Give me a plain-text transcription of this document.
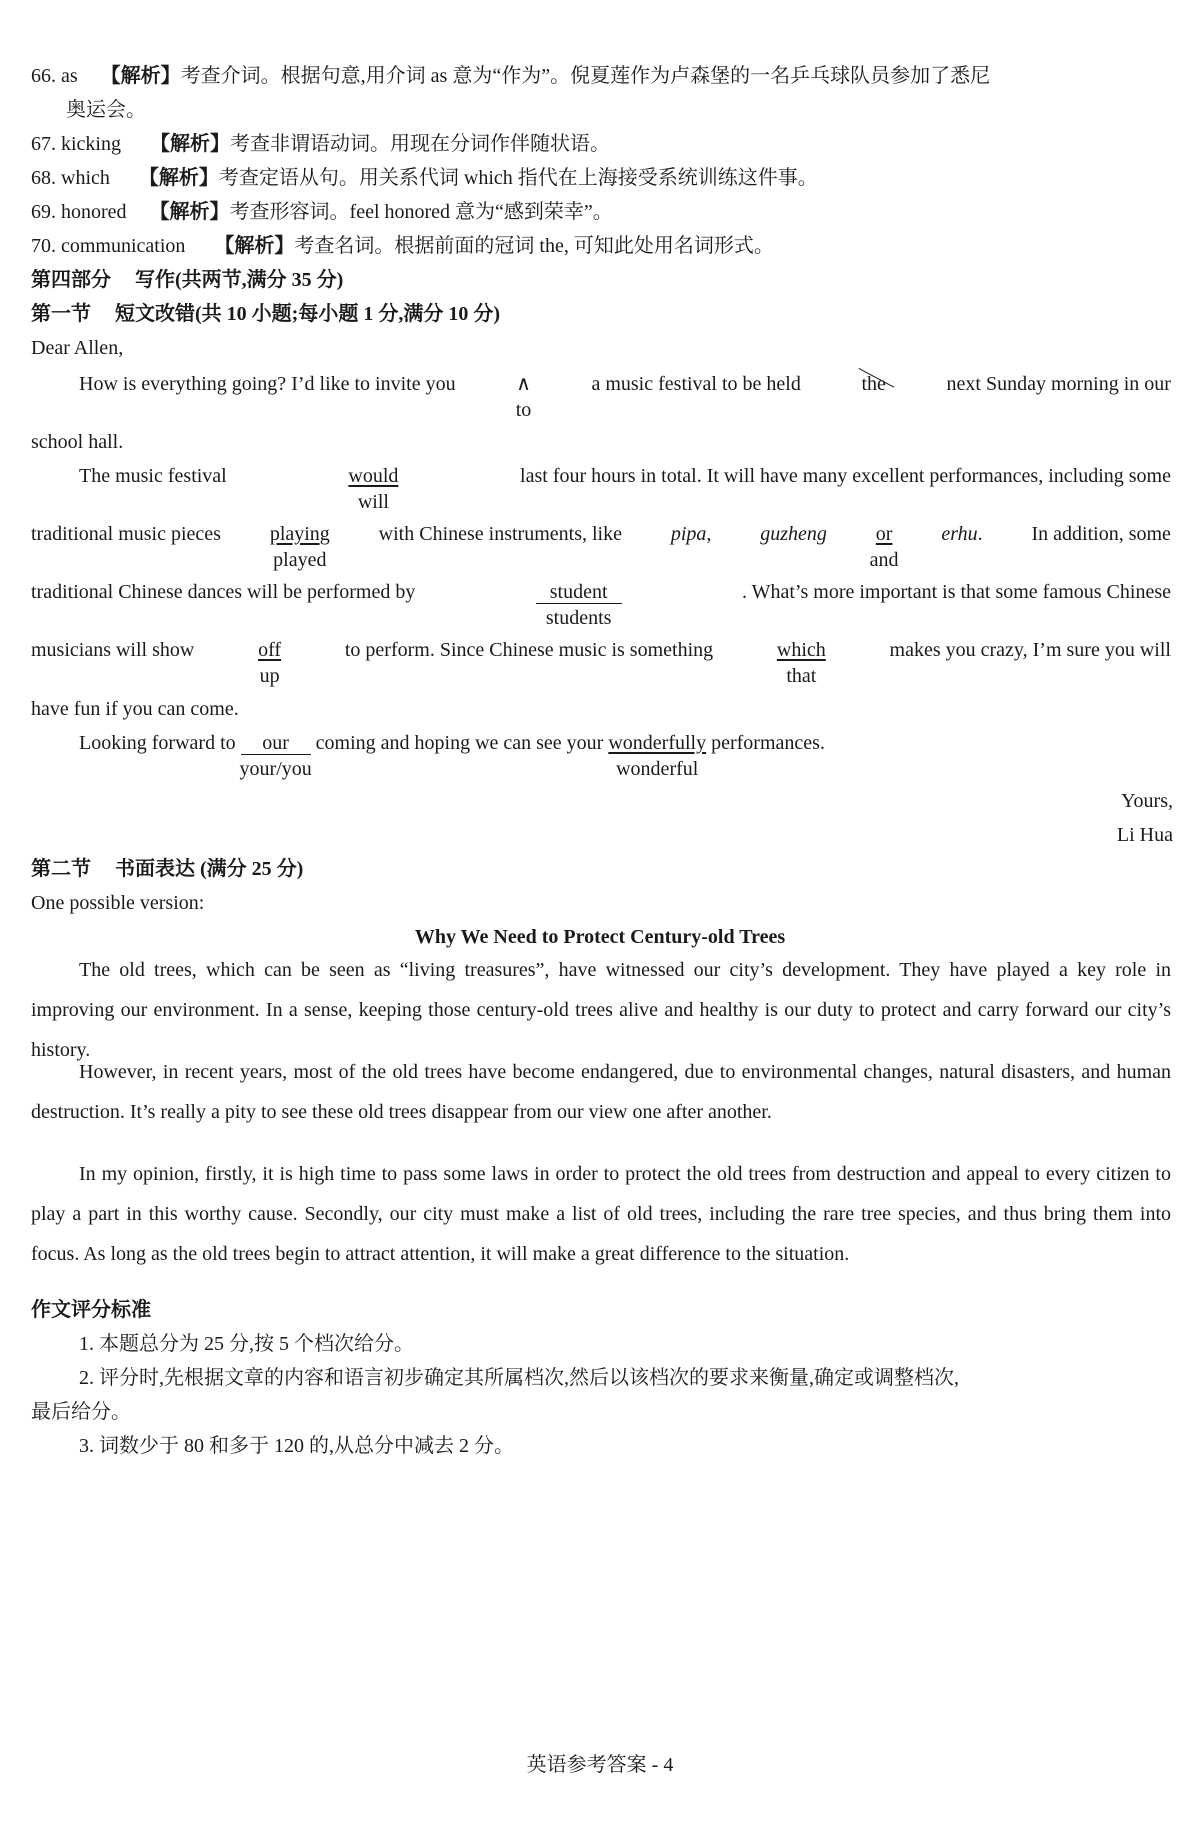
66. as 【解析】考查介词。根据句意,用介词 as 意为“作为”。倪夏莲作为卢森堡的一名乒乓球队员参加了悉尼
奥运会。
67. kicking 【解析】考查非谓语动词。用现在分词作伴随状语。
68. which 【解析】考查定语从句。用关系代词 which 指代在上海接受系统训练这件事。
69. honored 【解析】考查形容词。feel honored 意为“感到荣幸”。
70. communication 【解析】考查名词。根据前面的冠词 the, 可知此处用名词形式。
第四部分 写作(共两节,满分 35 分)
第一节 短文改错(共 10 小题;每小题 1 分,满分 10 分)
Dear Allen,
How is everything going? I’d like to invite you	∧
to
a music festival to be held	the	next Sunday morning in our
school hall.
The music festival	would
will
last four hours in total. It will have many excellent performances, including some
traditional music pieces playing
played
with Chinese instruments, like pipa, guzheng or
and
erhu. In addition, some
traditional Chinese dances will be performed by	student
students
. What’s more important is that some famous Chinese
musicians will show	off
up
to perform. Since Chinese music is something	which
that
makes you crazy, I’m sure you will
have fun if you can come.
Looking forward to our
your/you
coming and hoping we can see your wonderfully
wonderful
performances.
Yours,
Li Hua
第二节 书面表达 (满分 25 分)
One possible version:
Why We Need to Protect Century-old Trees
The old trees, which can be seen as “living treasures”, have witnessed our city’s development. They have played a key role in improving our environment. In a sense, keeping those century-old trees alive and healthy is our duty to protect and carry forward our city’s history.
However, in recent years, most of the old trees have become endangered, due to environmental changes, natural disasters, and human destruction. It’s really a pity to see these old trees disappear from our view one after another.
In my opinion, firstly, it is high time to pass some laws in order to protect the old trees from destruction and appeal to every citizen to play a part in this worthy cause. Secondly, our city must make a list of old trees, including the rare tree species, and thus bring them into focus. As long as the old trees begin to attract attention, it will make a great difference to the situation.
作文评分标准
1. 本题总分为 25 分,按 5 个档次给分。
2. 评分时,先根据文章的内容和语言初步确定其所属档次,然后以该档次的要求来衡量,确定或调整档次,
最后给分。
3. 词数少于 80 和多于 120 的,从总分中减去 2 分。
英语参考答案 - 4
